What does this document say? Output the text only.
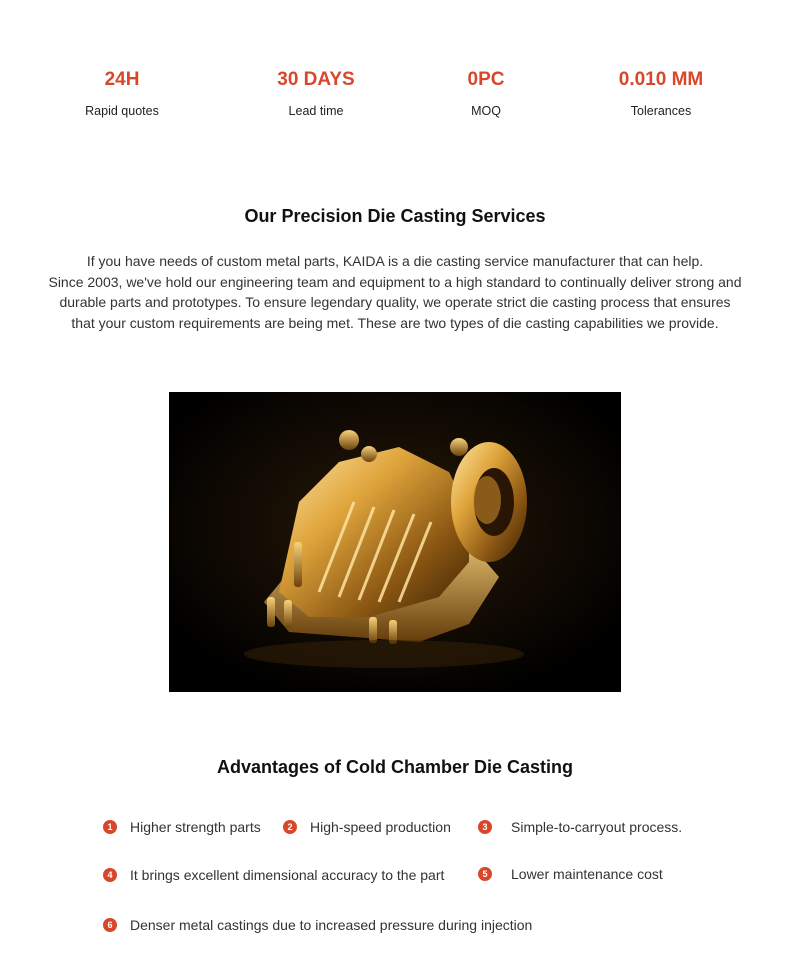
24H
Rapid quotes
30 DAYS
Lead time
0PC
MOQ
0.010 MM
Tolerances
Our Precision Die Casting Services
If you have needs of custom metal parts, KAIDA is a die casting service manufacturer that can help.
Since 2003, we've hold our engineering team and equipment to a high standard to continually deliver strong and
durable parts and prototypes. To ensure legendary quality, we operate strict die casting process that ensures
that your custom requirements are being met. These are two types of die casting capabilities we provide.
Advantages of Cold Chamber Die Casting
1	Higher strength parts	2	High-speed production	3	Simple-to-carryout process.
4	It brings excellent dimensional accuracy to the part	5	Lower maintenance cost
6	Denser metal castings due to increased pressure during injection
